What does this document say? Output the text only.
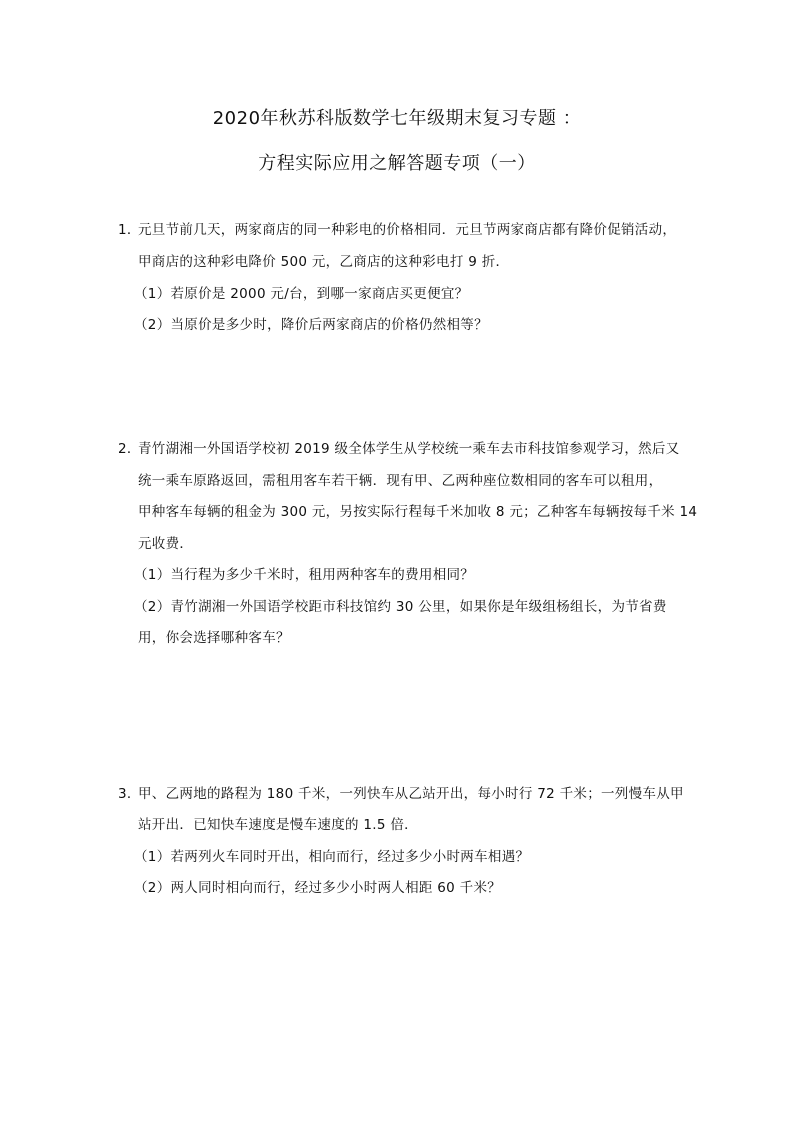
2020年秋苏科版数学七年级期末复习专题 ：
方程实际应用之解答题专项（一）
1．
元旦节前几天，两家商店的同一种彩电的价格相同．元旦节两家商店都有降价促销活动，
甲商店的这种彩电降价 500 元，乙商店的这种彩电打 9 折．
（1）若原价是 2000 元/台，到哪一家商店买更便宜？
（2）当原价是多少时，降价后两家商店的价格仍然相等？
2．
青竹湖湘一外国语学校初 2019 级全体学生从学校统一乘车去市科技馆参观学习，然后又
统一乘车原路返回，需租用客车若干辆．现有甲、乙两种座位数相同的客车可以租用，
甲种客车每辆的租金为 300 元，另按实际行程每千米加收 8 元；乙种客车每辆按每千米 14
元收费．
（1）当行程为多少千米时，租用两种客车的费用相同？
（2）青竹湖湘一外国语学校距市科技馆约 30 公里，如果你是年级组杨组长，为节省费
用，你会选择哪种客车？
3．
甲、乙两地的路程为 180 千米，一列快车从乙站开出，每小时行 72 千米；一列慢车从甲
站开出．已知快车速度是慢车速度的 1.5 倍．
（1）若两列火车同时开出，相向而行，经过多少小时两车相遇？
（2）两人同时相向而行，经过多少小时两人相距 60 千米？
